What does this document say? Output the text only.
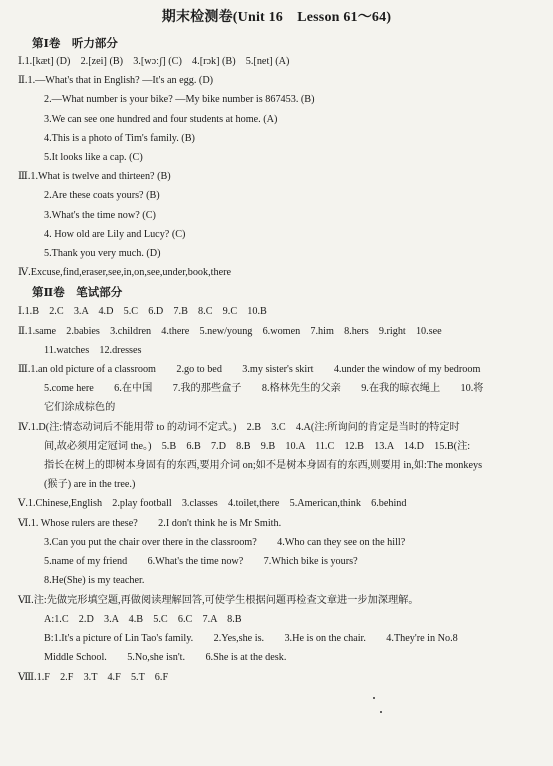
期末检测卷(Unit 16　Lesson 61～64)
第Ⅰ卷　听力部分
Ⅰ.1.[kæt] (D)　2.[zei] (B)　3.[wɔːʃ] (C)　4.[rɔk] (B)　5.[net] (A)
Ⅱ.1.—What's that in English? —It's an egg. (D)
2.—What number is your bike? —My bike number is 867453. (B)
3.We can see one hundred and four students at home. (A)
4.This is a photo of Tim's family. (B)
5.It looks like a cap. (C)
Ⅲ.1.What is twelve and thirteen? (B)
2.Are these coats yours? (B)
3.What's the time now? (C)
4. How old are Lily and Lucy? (C)
5.Thank you very much. (D)
Ⅳ.Excuse,find,eraser,see,in,on,see,under,book,there
第Ⅱ卷　笔试部分
Ⅰ.1.B　2.C　3.A　4.D　5.C　6.D　7.B　8.C　9.C　10.B
Ⅱ.1.same　2.babies　3.children　4.there　5.new/young　6.women　7.him　8.hers　9.right　10.see
11.watches　12.dresses
Ⅲ.1.an old picture of a classroom　　2.go to bed　　3.my sister's skirt　　4.under the window of my bedroom
5.come here　　6.在中国　　7.我的那些盒子　　8.格林先生的父亲　　9.在我的晾衣绳上　　10.将
它们涂成棕色的
Ⅳ.1.D(注:情态动词后不能用带 to 的动词不定式。)　2.B　3.C　4.A(注:所询问的肯定是当时的特定时
间,故必须用定冠词 the。)　5.B　6.B　7.D　8.B　9.B　10.A　11.C　12.B　13.A　14.D　15.B(注:
指长在树上的即树本身固有的东西,要用介词 on;如不是树本身固有的东西,则要用 in,如:The monkeys
(猴子) are in the tree.)
Ⅴ.1.Chinese,English　2.play football　3.classes　4.toilet,there　5.American,think　6.behind
Ⅵ.1. Whose rulers are these?　　2.I don't think he is Mr Smith.
3.Can you put the chair over there in the classroom?　　4.Who can they see on the hill?
5.name of my friend　　6.What's the time now?　　7.Which bike is yours?
8.He(She) is my teacher.
Ⅶ.注:先做完形填空题,再做阅读理解回答,可使学生根据问题再检查文章进一步加深理解。
A:1.C　2.D　3.A　4.B　5.C　6.C　7.A　8.B
B:1.It's a picture of Lin Tao's family.　　2.Yes,she is.　　3.He is on the chair.　　4.They're in No.8
Middle School.　　5.No,she isn't.　　6.She is at the desk.
Ⅷ.1.F　2.F　3.T　4.F　5.T　6.F
